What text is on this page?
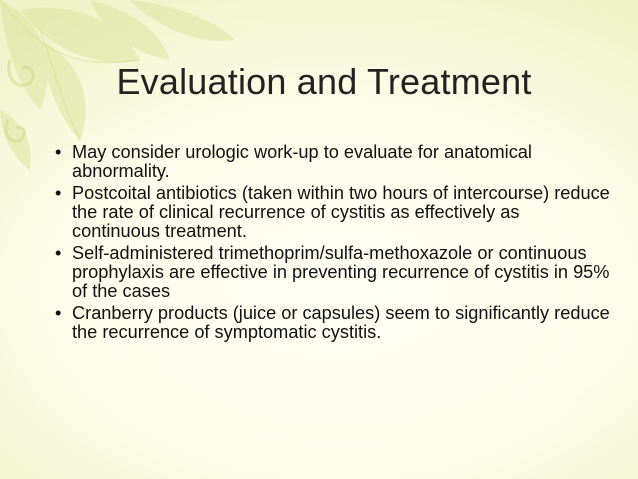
Evaluation and Treatment
• May consider urologic work-up to evaluate for anatomical abnormality.
• Postcoital antibiotics (taken within two hours of intercourse) reduce the rate of clinical recurrence of cystitis as effectively as continuous treatment.
• Self-administered trimethoprim/sulfa-methoxazole or continuous prophylaxis are effective in preventing recurrence of cystitis in 95% of the cases
• Cranberry products (juice or capsules) seem to significantly reduce the recurrence of symptomatic cystitis.
